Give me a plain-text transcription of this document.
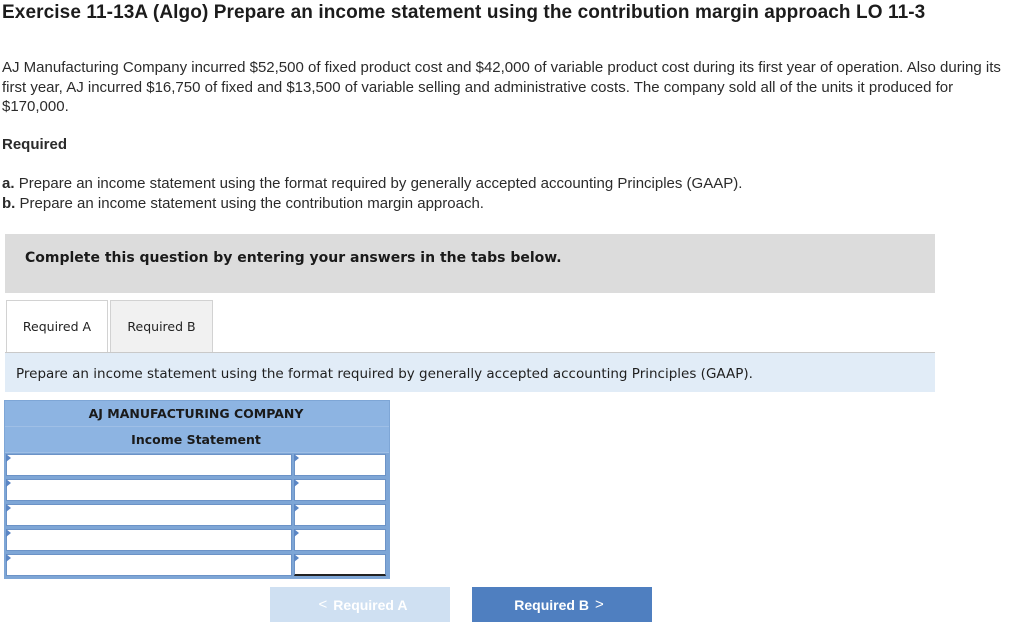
Exercise 11-13A (Algo) Prepare an income statement using the contribution margin approach LO 11-3

AJ Manufacturing Company incurred $52,500 of fixed product cost and $42,000 of variable product cost during its first year of operation. Also during its first year, AJ incurred $16,750 of fixed and $13,500 of variable selling and administrative costs. The company sold all of the units it produced for $170,000.

Required

a. Prepare an income statement using the format required by generally accepted accounting Principles (GAAP).
b. Prepare an income statement using the contribution margin approach.
Complete this question by entering your answers in the tabs below.
Required A	Required B
Prepare an income statement using the format required by generally accepted accounting Principles (GAAP).
AJ MANUFACTURING COMPANY
Income Statement
< Required A	Required B >
